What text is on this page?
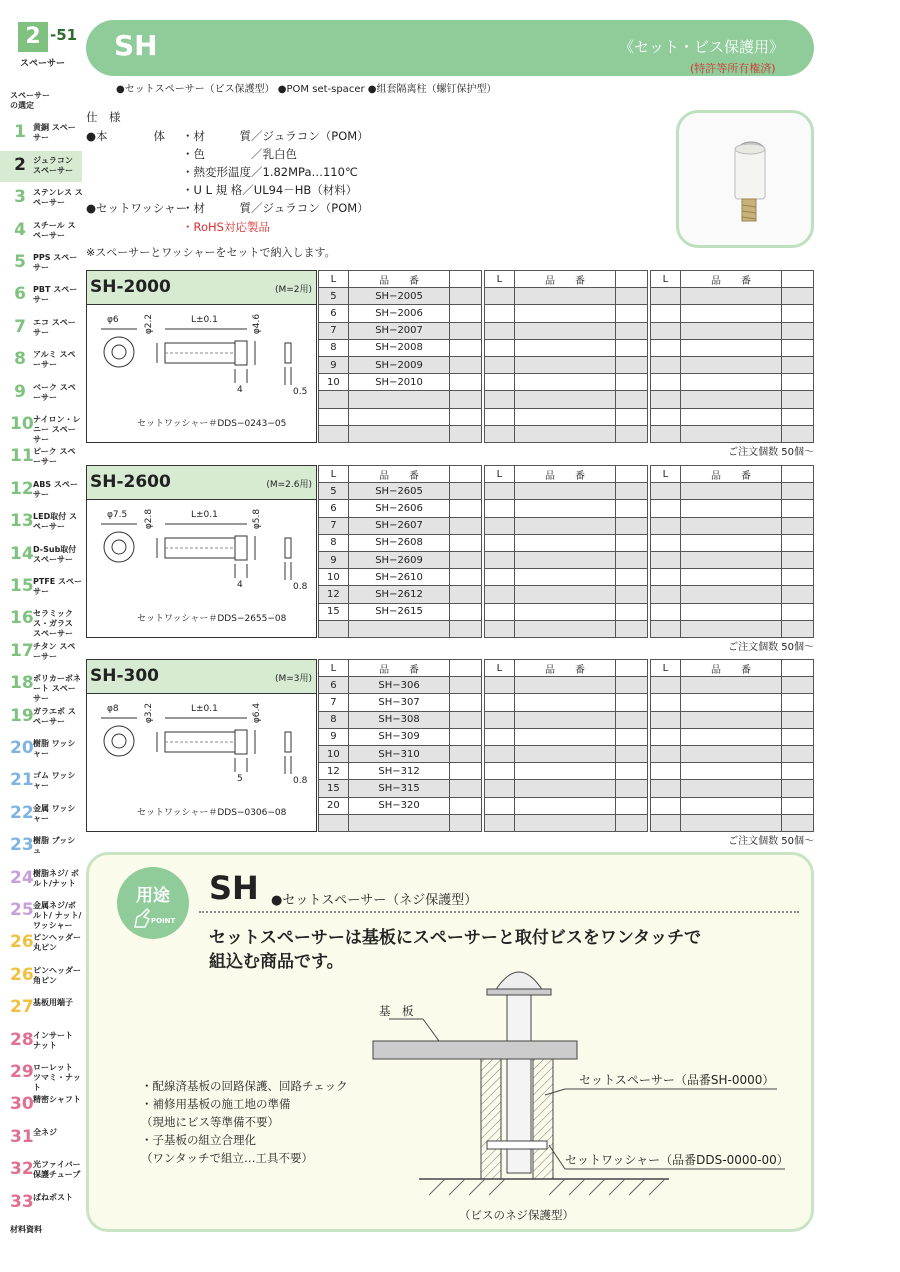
2 -51
スペーサー
スペーサー の選定
1 黄銅 スペーサー
2 ジュラコン スペーサー
3 ステンレス スペーサー
4 スチール スペーサー
5 PPS スペーサー
6 PBT スペーサー
7 エコ スペーサー
8 アルミ スペーサー
9 ベーク スペーサー
10 ナイロン・レニー スペーサー
11 ピーク スペーサー
12 ABS スペーサー
13 LED取付 スペーサー
14 D-Sub取付 スペーサー
15 PTFE スペーサー
16 セラミックス・ガラス スペーサー
17 チタン スペーサー
18 ポリカーボネート スペーサー
19 ガラエポ スペーサー
20 樹脂 ワッシャー
21 ゴム ワッシャー
22 金属 ワッシャー
23 樹脂 ブッシュ
24 樹脂ネジ/ ボルト/ナット
25 金属ネジ/ボルト/ ナット/ワッシャー
26 ピンヘッダー 丸ピン
26 ピンヘッダー 角ピン
27 基板用端子
28 インサート ナット
29 ローレット ツマミ・ナット
30 精密シャフト
31 全ネジ
32 光ファイバー 保護チューブ
33 ばねポスト
材料資料
SH	《セット・ビス保護用》
(特許等所有権済)
●セットスペーサー（ビス保護型） ●POM set-spacer ●组套隔离柱（螺钉保护型）
仕　様
●本　　　　体 ・材　　　質／ジュラコン（POM）
・色　　　　／乳白色
・熱変形温度／1.82MPa…110℃
・U L 規 格／UL94－HB（材料）
●セットワッシャー
・材　　　質／ジュラコン（POM）
・RoHS対応製品
※スペーサーとワッシャーをセットで納入します。
SH-2000	(M=2用)
φ6	φ2.2	L±0.1	φ4.6
4	0.5
セットワッシャー＃DDS−0243−05
L	品　　番	
5	SH−2005	
6	SH−2006	
7	SH−2007	
8	SH−2008	
9	SH−2009	
10	SH−2010	

L	品　　番	

			L	品　　番	

ご注文個数 50個〜
SH-2600	(M=2.6用)
φ7.5 φ2.8	L±0.1	φ5.8
4	0.8
セットワッシャー＃DDS−2655−08
L	品　　番	
5	SH−2605	
6	SH−2606	
7	SH−2607	
8	SH−2608	
9	SH−2609	
10	SH−2610	
12	SH−2612	
15	SH−2615	

L	品　　番	

			L	品　　番	

ご注文個数 50個〜
SH-300	(M=3用)
φ8	φ3.2	L±0.1	φ6.4
5	0.8
セットワッシャー＃DDS−0306−08
L	品　　番	
6	SH−306	
7	SH−307	
8	SH−308	
9	SH−309	
10	SH−310	
12	SH−312	
15	SH−315	
20	SH−320	

L	品　　番	

			L	品　　番	

ご注文個数 50個〜
用途
POINT
SH ●セットスペーサー（ネジ保護型）
セットスペーサーは基板にスペーサーと取付ビスをワンタッチで
組込む商品です。
・配線済基板の回路保護、回路チェック
・補修用基板の施工地の準備
（現地にビス等準備不要）
・子基板の組立合理化
（ワンタッチで組立…工具不要）
基　板
セットスペーサー（品番SH-0000）
セットワッシャー（品番DDS-0000-00）
（ビスのネジ保護型）
